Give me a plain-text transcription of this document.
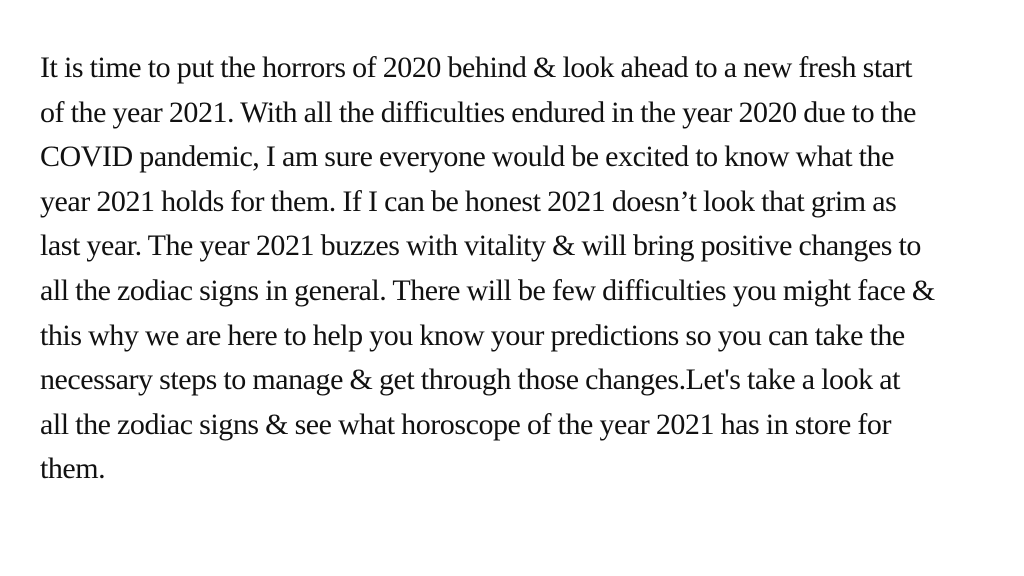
It is time to put the horrors of 2020 behind & look ahead to a new fresh start
of the year 2021. With all the difficulties endured in the year 2020 due to the
COVID pandemic, I am sure everyone would be excited to know what the
year 2021 holds for them. If I can be honest 2021 doesn’t look that grim as
last year. The year 2021 buzzes with vitality & will bring positive changes to
all the zodiac signs in general. There will be few difficulties you might face &
this why we are here to help you know your predictions so you can take the
necessary steps to manage & get through those changes.Let's take a look at
all the zodiac signs & see what horoscope of the year 2021 has in store for
them.
